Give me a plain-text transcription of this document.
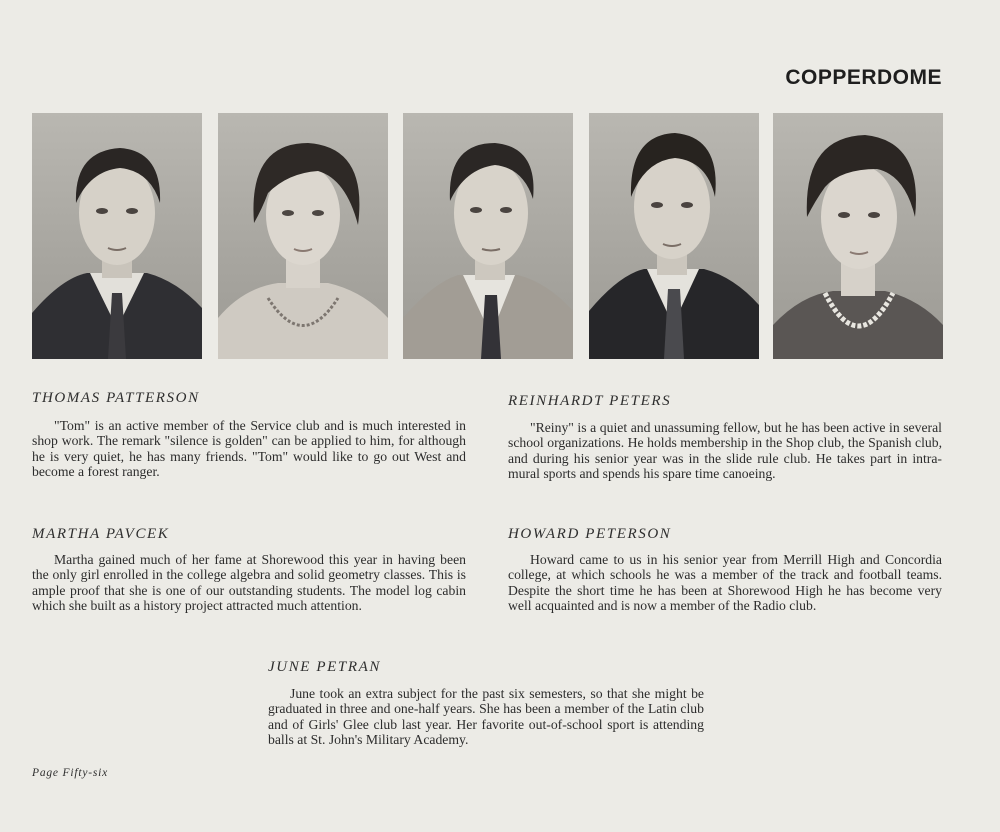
COPPERDOME

THOMAS PATTERSON

"Tom" is an active member of the Service club and is much interested in shop work. The remark "silence is golden" can be applied to him, for although he is very quiet, he has many friends. "Tom" would like to go out West and become a forest ranger.

REINHARDT PETERS

"Reiny" is a quiet and unassuming fellow, but he has been active in several school organizations. He holds membership in the Shop club, the Spanish club, and during his senior year was in the slide rule club. He takes part in intra-mural sports and spends his spare time canoeing.

MARTHA PAVCEK

Martha gained much of her fame at Shorewood this year in having been the only girl enrolled in the college algebra and solid geometry classes. This is ample proof that she is one of our outstanding students. The model log cabin which she built as a history project attracted much attention.

HOWARD PETERSON

Howard came to us in his senior year from Merrill High and Concordia college, at which schools he was a member of the track and football teams. Despite the short time he has been at Shorewood High he has become very well acquainted and is now a member of the Radio club.

JUNE PETRAN

June took an extra subject for the past six semesters, so that she might be graduated in three and one-half years. She has been a member of the Latin club and of Girls' Glee club last year. Her favorite out-of-school sport is attending balls at St. John's Military Academy.

Page Fifty-six
